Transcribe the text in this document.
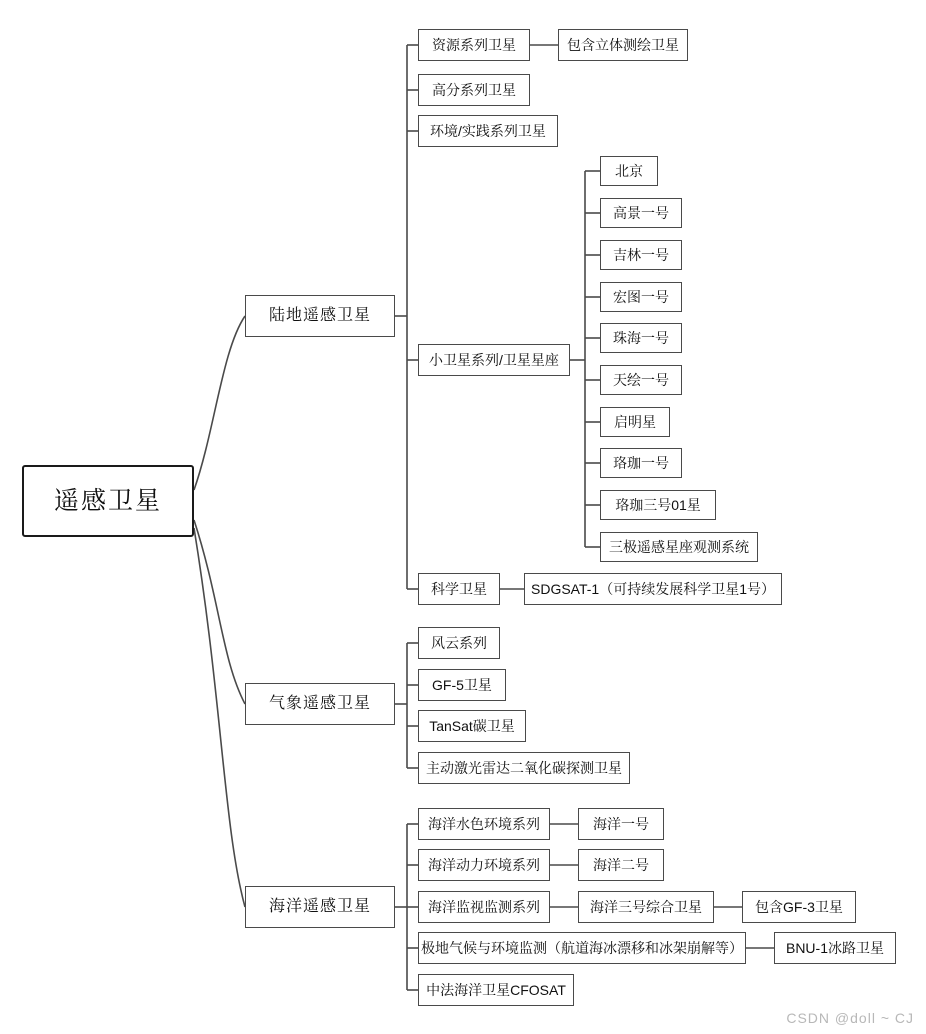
遥感卫星
陆地遥感卫星
资源系列卫星	包含立体测绘卫星
高分系列卫星
环境/实践系列卫星
小卫星系列/卫星星座
北京
高景一号
吉林一号
宏图一号
珠海一号
天绘一号
启明星
珞珈一号
珞珈三号01星
三极遥感星座观测系统
科学卫星	SDGSAT-1（可持续发展科学卫星1号）
气象遥感卫星
风云系列
GF-5卫星
TanSat碳卫星
主动激光雷达二氧化碳探测卫星
海洋遥感卫星
海洋水色环境系列	海洋一号
海洋动力环境系列	海洋二号
海洋监视监测系列	海洋三号综合卫星	包含GF-3卫星
极地气候与环境监测（航道海冰漂移和冰架崩解等）	BNU-1冰路卫星
中法海洋卫星CFOSAT
CSDN @doll ~ CJ
